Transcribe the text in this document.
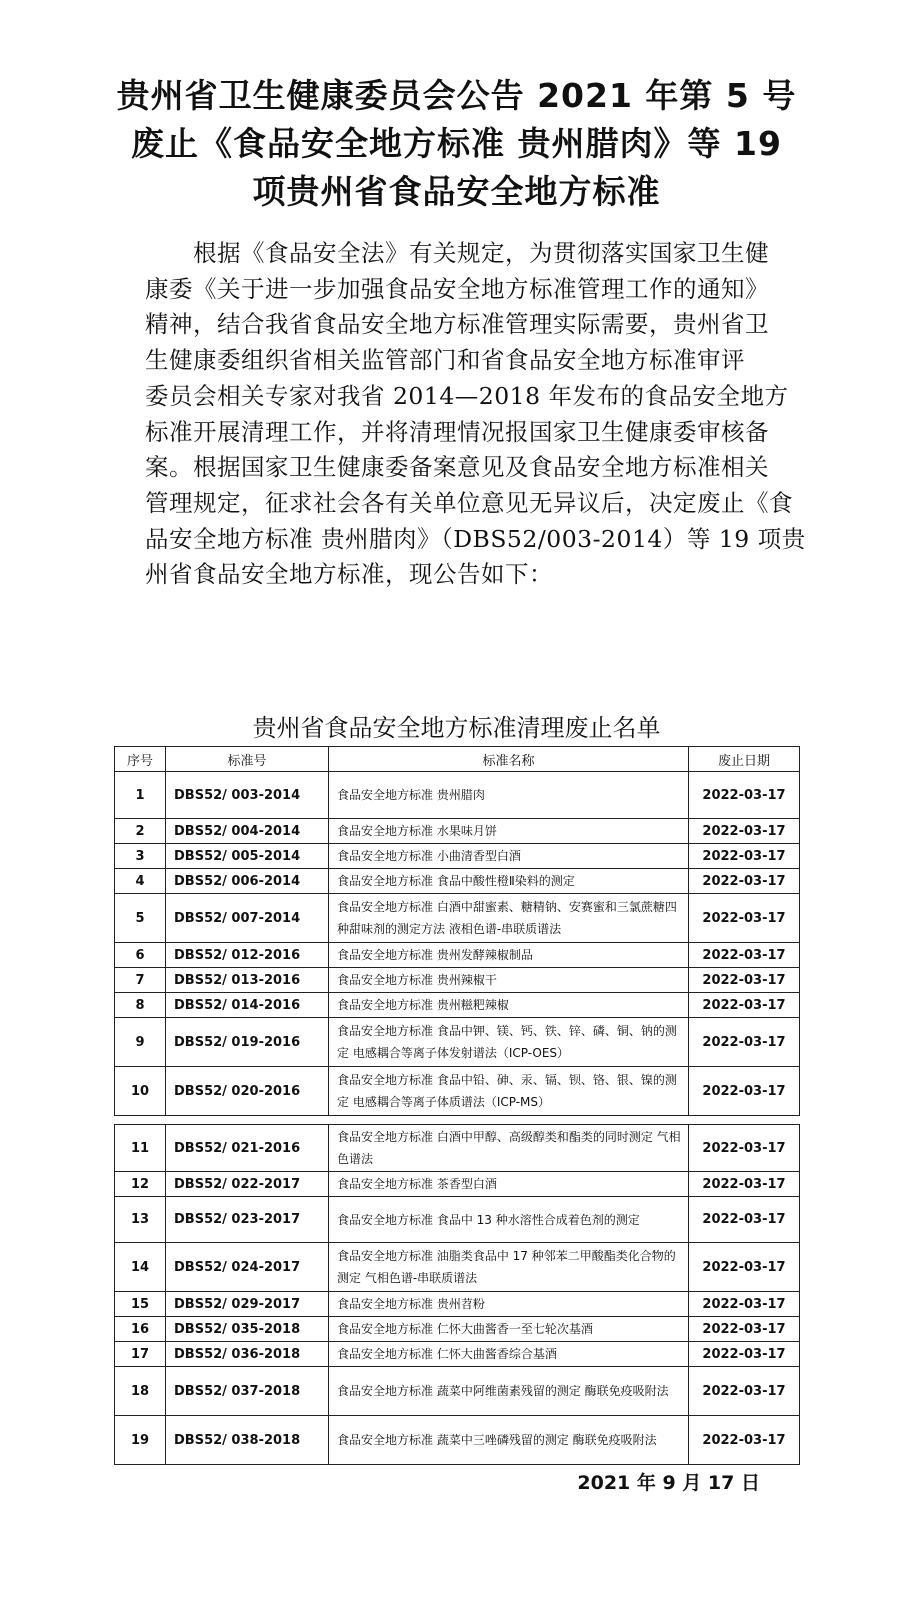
贵州省卫生健康委员会公告 2021 年第 5 号
废止《食品安全地方标准 贵州腊肉》等 19
项贵州省食品安全地方标准
　　根据《食品安全法》有关规定，为贯彻落实国家卫生健
康委《关于进一步加强食品安全地方标准管理工作的通知》
精神，结合我省食品安全地方标准管理实际需要，贵州省卫
生健康委组织省相关监管部门和省食品安全地方标准审评
委员会相关专家对我省 2014—2018 年发布的食品安全地方
标准开展清理工作，并将清理情况报国家卫生健康委审核备
案。根据国家卫生健康委备案意见及食品安全地方标准相关
管理规定，征求社会各有关单位意见无异议后，决定废止《食
品安全地方标准 贵州腊肉》（DBS52/003-2014）等 19 项贵
州省食品安全地方标准，现公告如下：
贵州省食品安全地方标准清理废止名单
序号	标准号	标准名称	废止日期
1	DBS52/ 003-2014	食品安全地方标准 贵州腊肉	2022-03-17
2	DBS52/ 004-2014	食品安全地方标准 水果味月饼	2022-03-17
3	DBS52/ 005-2014	食品安全地方标准 小曲清香型白酒	2022-03-17
4	DBS52/ 006-2014	食品安全地方标准 食品中酸性橙Ⅱ染料的测定	2022-03-17
5	DBS52/ 007-2014	食品安全地方标准 白酒中甜蜜素、糖精钠、安赛蜜和三氯蔗糖四种甜味剂的测定方法 液相色谱-串联质谱法	2022-03-17
6	DBS52/ 012-2016	食品安全地方标准 贵州发酵辣椒制品	2022-03-17
7	DBS52/ 013-2016	食品安全地方标准 贵州辣椒干	2022-03-17
8	DBS52/ 014-2016	食品安全地方标准 贵州糍粑辣椒	2022-03-17
9	DBS52/ 019-2016	食品安全地方标准 食品中钾、镁、钙、铁、锌、磷、铜、钠的测定 电感耦合等离子体发射谱法（ICP-OES）	2022-03-17
10	DBS52/ 020-2016	食品安全地方标准 食品中铅、砷、汞、镉、钡、铬、银、镍的测定 电感耦合等离子体质谱法（ICP-MS）	2022-03-17
11	DBS52/ 021-2016	食品安全地方标准 白酒中甲醇、高级醇类和酯类的同时测定 气相色谱法	2022-03-17
12	DBS52/ 022-2017	食品安全地方标准 茶香型白酒	2022-03-17
13	DBS52/ 023-2017	食品安全地方标准 食品中 13 种水溶性合成着色剂的测定	2022-03-17
14	DBS52/ 024-2017	食品安全地方标准 油脂类食品中 17 种邻苯二甲酸酯类化合物的测定 气相色谱-串联质谱法	2022-03-17
15	DBS52/ 029-2017	食品安全地方标准 贵州苕粉	2022-03-17
16	DBS52/ 035-2018	食品安全地方标准 仁怀大曲酱香一至七轮次基酒	2022-03-17
17	DBS52/ 036-2018	食品安全地方标准 仁怀大曲酱香综合基酒	2022-03-17
18	DBS52/ 037-2018	食品安全地方标准 蔬菜中阿维菌素残留的测定 酶联免疫吸附法	2022-03-17
19	DBS52/ 038-2018	食品安全地方标准 蔬菜中三唑磷残留的测定 酶联免疫吸附法	2022-03-17
2021 年 9 月 17 日
